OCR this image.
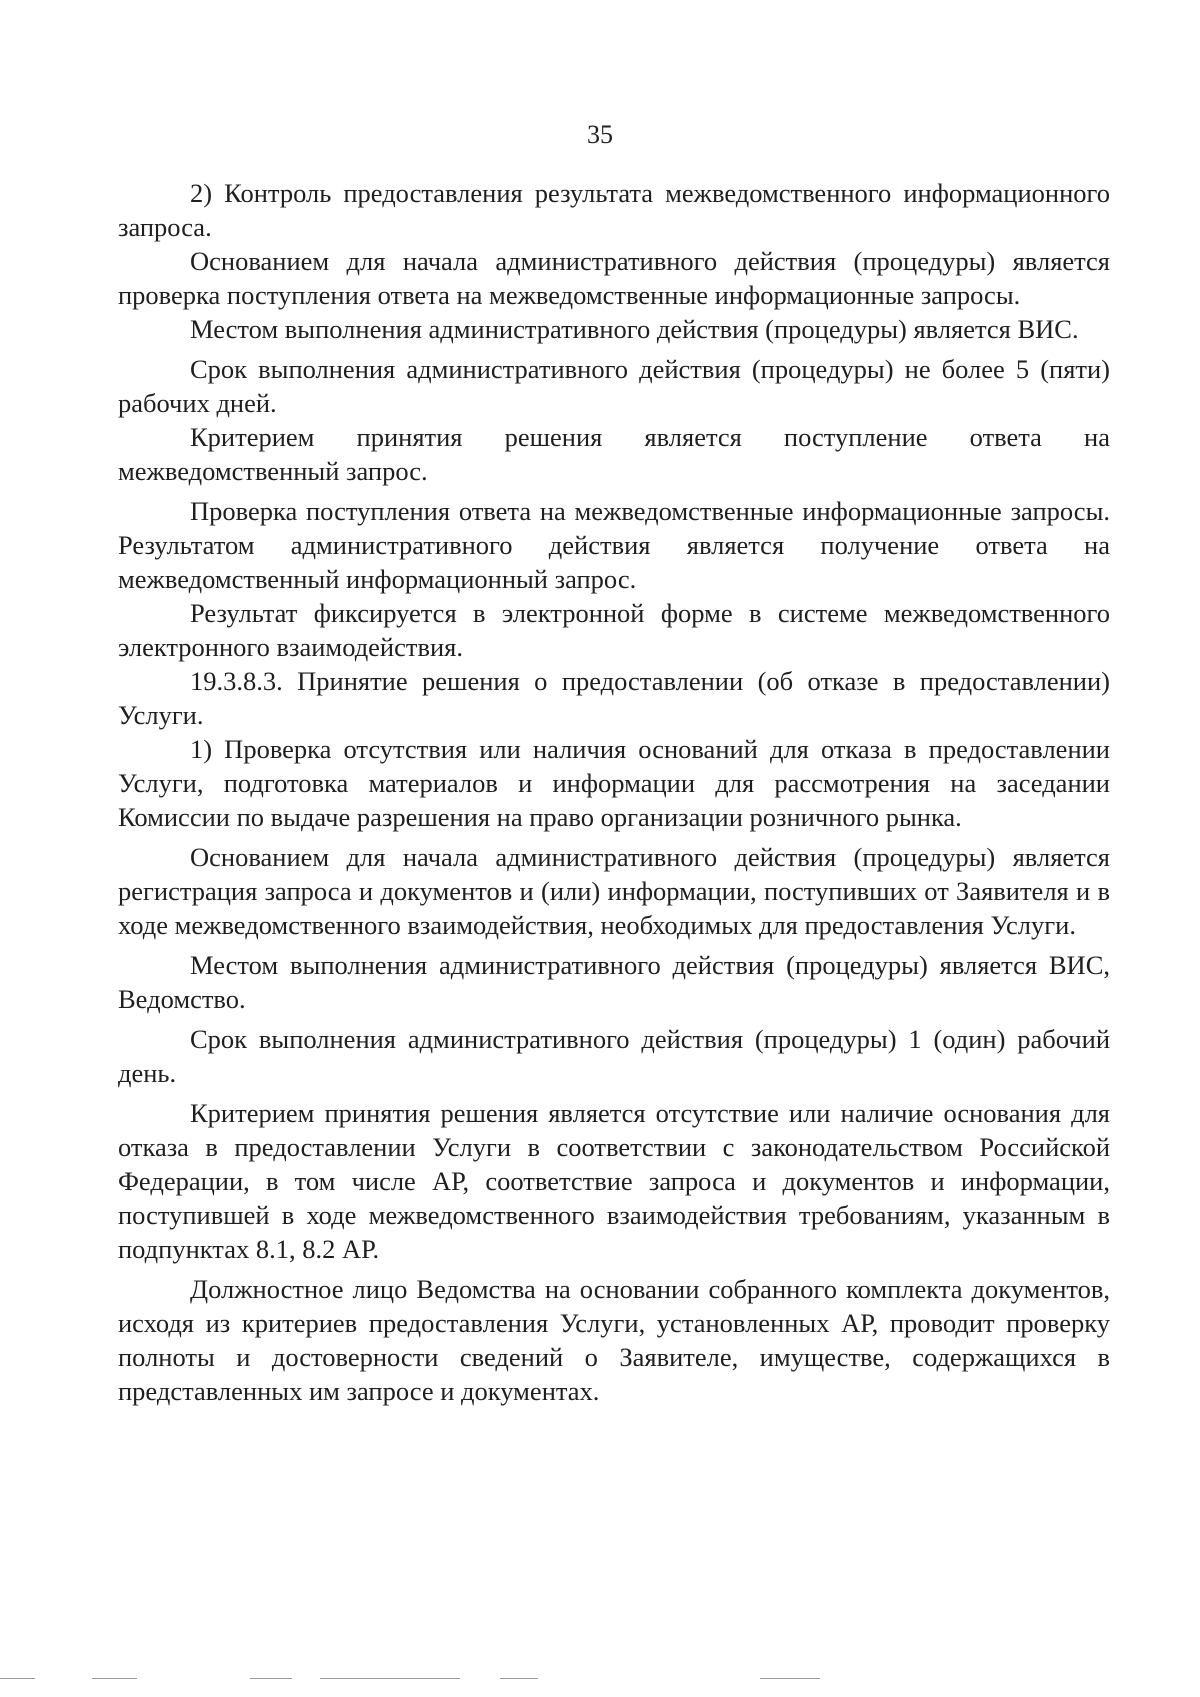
35

2) Контроль предоставления результата межведомственного информационного запроса.

Основанием для начала административного действия (процедуры) является проверка поступления ответа на межведомственные информационные запросы.

Местом выполнения административного действия (процедуры) является ВИС.

Срок выполнения административного действия (процедуры) не более 5 (пяти) рабочих дней.

Критерием принятия решения является поступление ответа на межведомственный запрос.

Проверка поступления ответа на межведомственные информационные запросы. Результатом административного действия является получение ответа на межведомственный информационный запрос.

Результат фиксируется в электронной форме в системе межведомственного электронного взаимодействия.

19.3.8.3. Принятие решения о предоставлении (об отказе в предоставлении) Услуги.

1) Проверка отсутствия или наличия оснований для отказа в предоставлении Услуги, подготовка материалов и информации для рассмотрения на заседании Комиссии по выдаче разрешения на право организации розничного рынка.

Основанием для начала административного действия (процедуры) является регистрация запроса и документов и (или) информации, поступивших от Заявителя и в ходе межведомственного взаимодействия, необходимых для предоставления Услуги.

Местом выполнения административного действия (процедуры) является ВИС, Ведомство.

Срок выполнения административного действия (процедуры) 1 (один) рабочий день.

Критерием принятия решения является отсутствие или наличие основания для отказа в предоставлении Услуги в соответствии с законодательством Российской Федерации, в том числе АР, соответствие запроса и документов и информации, поступившей в ходе межведомственного взаимодействия требованиям, указанным в подпунктах 8.1, 8.2 АР.

Должностное лицо Ведомства на основании собранного комплекта документов, исходя из критериев предоставления Услуги, установленных АР, проводит проверку полноты и достоверности сведений о Заявителе, имуществе, содержащихся в представленных им запросе и документах.
